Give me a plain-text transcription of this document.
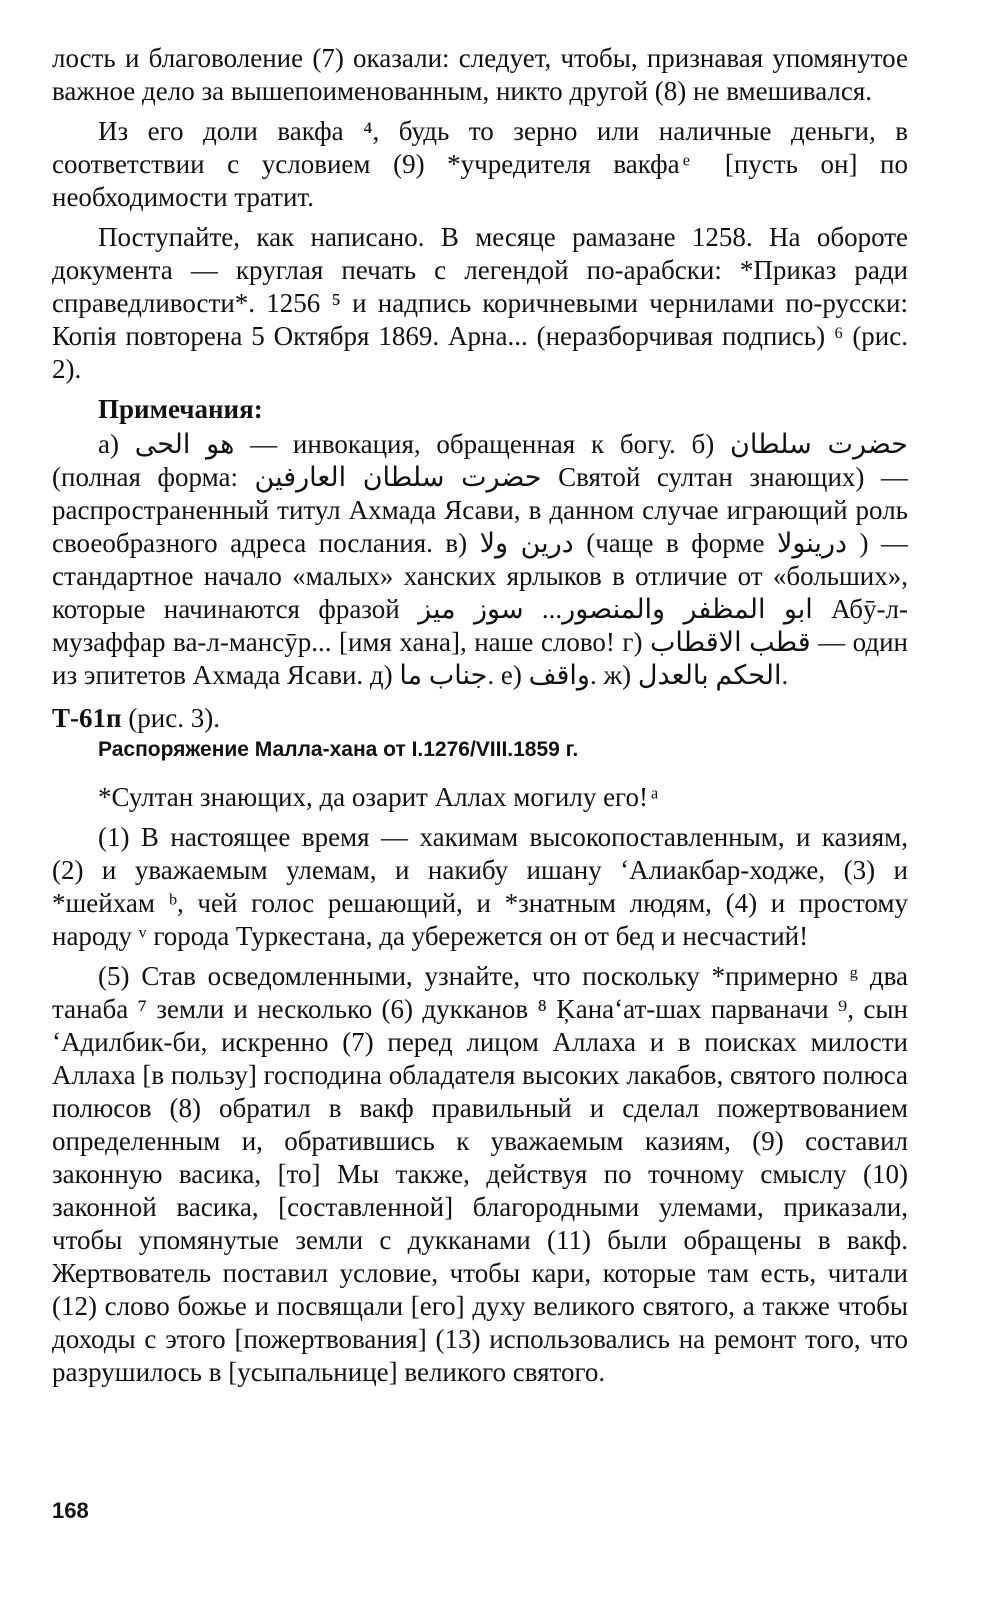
лость и благоволение (7) оказали: следует, чтобы, признавая упомянутое важное дело за вышепоименованным, никто другой (8) не вмешивался.

Из его доли вакфа ⁴, будь то зерно или наличные деньги, в соответствии с условием (9) *учредителя вакфа ͤ [пусть он] по необходимости тратит.

Поступайте, как написано. В месяце рамазане 1258. На обороте документа — круглая печать с легендой по-арабски: *Приказ ради справедливости*. 1256 ⁵ и надпись коричневыми чернилами по-русски: Копія повторена 5 Октября 1869. Арна... (неразборчивая подпись) ⁶ (рис. 2).

Примечания:

а) هو الحی — инвокация, обращенная к богу. б) حضرت سلطان (полная форма: حضرت سلطان العارفین Святой султан знающих) — распространенный титул Ахмада Ясави, в данном случае играющий роль своеобразного адреса послания. в) درین ولا (чаще в форме درینولا ) — стандартное начало «малых» ханских ярлыков в отличие от «больших», которые начинаются фразой ابو المظفر والمنصور... سوز میز Абӯ-л-музаффар ва-л-мансӯр... [имя хана], наше слово! г) قطب الاقطاب — один из эпитетов Ахмада Ясави. д) جناب ما. е) واقف. ж) الحکم بالعدل.

Т-61п (рис. 3).

Распоряжение Малла-хана от I.1276/VIII.1859 г.

*Султан знающих, да озарит Аллах могилу его! ͣ

(1) В настоящее время — хакимам высокопоставленным, и казиям, (2) и уважаемым улемам, и накибу ишану ‘Алиакбар-ходже, (3) и *шейхам ᵇ, чей голос решающий, и *знатным людям, (4) и простому народу ᵛ города Туркестана, да убережется он от бед и несчастий!

(5) Став осведомленными, узнайте, что поскольку *примерно ᵍ два танаба ⁷ земли и несколько (6) дукканов ⁸ Ķана‘ат-шах парваначи ⁹, сын ‘Адилбик-би, искренно (7) перед лицом Аллаха и в поисках милости Аллаха [в пользу] господина обладателя высоких лакабов, святого полюса полюсов (8) обратил в вакф правильный и сделал пожертвованием определенным и, обратившись к уважаемым казиям, (9) составил законную васика, [то] Мы также, действуя по точному смыслу (10) законной васика, [составленной] благородными улемами, приказали, чтобы упомянутые земли с дукканами (11) были обращены в вакф. Жертвователь поставил условие, чтобы кари, которые там есть, читали (12) слово божье и посвящали [его] духу великого святого, а также чтобы доходы с этого [пожертвования] (13) использовались на ремонт того, что разрушилось в [усыпальнице] великого святого.

168
